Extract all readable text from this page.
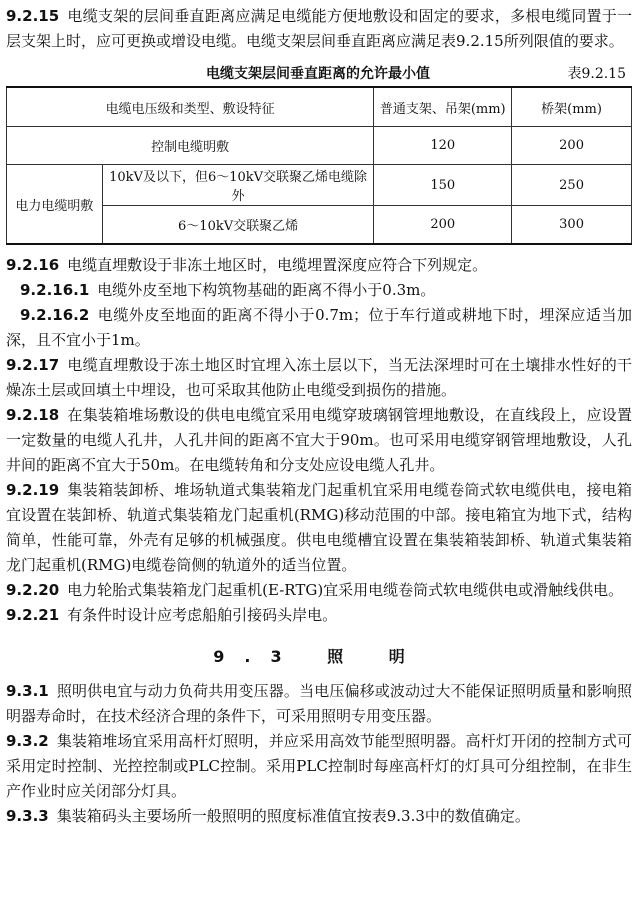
9.2.15 电缆支架的层间垂直距离应满足电缆能方便地敷设和固定的要求，多根电缆同置于一层支架上时，应可更换或增设电缆。电缆支架层间垂直距离应满足表9.2.15所列限值的要求。

电缆支架层间垂直距离的允许最小值	表9.2.15
电缆电压级和类型、敷设特征		普通支架、吊架(mm)	桥架(mm)
控制电缆明敷		120	200
电力电缆明敷	10kV及以下，但6～10kV交联聚乙烯电缆除外	150	250
	6～10kV交联聚乙烯	200	300

9.2.16 电缆直埋敷设于非冻土地区时，电缆埋置深度应符合下列规定。

9.2.16.1 电缆外皮至地下构筑物基础的距离不得小于0.3m。

9.2.16.2 电缆外皮至地面的距离不得小于0.7m；位于车行道或耕地下时，埋深应适当加深，且不宜小于1m。

9.2.17 电缆直埋敷设于冻土地区时宜埋入冻土层以下，当无法深埋时可在土壤排水性好的干燥冻土层或回填土中埋设，也可采取其他防止电缆受到损伤的措施。

9.2.18 在集装箱堆场敷设的供电电缆宜采用电缆穿玻璃钢管埋地敷设，在直线段上，应设置一定数量的电缆人孔井，人孔井间的距离不宜大于90m。也可采用电缆穿钢管埋地敷设，人孔井间的距离不宜大于50m。在电缆转角和分支处应设电缆人孔井。

9.2.19 集装箱装卸桥、堆场轨道式集装箱龙门起重机宜采用电缆卷筒式软电缆供电，接电箱宜设置在装卸桥、轨道式集装箱龙门起重机(RMG)移动范围的中部。接电箱宜为地下式，结构简单，性能可靠，外壳有足够的机械强度。供电电缆槽宜设置在集装箱装卸桥、轨道式集装箱龙门起重机(RMG)电缆卷筒侧的轨道外的适当位置。

9.2.20 电力轮胎式集装箱龙门起重机(E-RTG)宜采用电缆卷筒式软电缆供电或滑触线供电。

9.2.21 有条件时设计应考虑船舶引接码头岸电。

9.3 照 明

9.3.1 照明供电宜与动力负荷共用变压器。当电压偏移或波动过大不能保证照明质量和影响照明器寿命时，在技术经济合理的条件下，可采用照明专用变压器。

9.3.2 集装箱堆场宜采用高杆灯照明，并应采用高效节能型照明器。高杆灯开闭的控制方式可采用定时控制、光控控制或PLC控制。采用PLC控制时每座高杆灯的灯具可分组控制，在非生产作业时应关闭部分灯具。

9.3.3 集装箱码头主要场所一般照明的照度标准值宜按表9.3.3中的数值确定。
